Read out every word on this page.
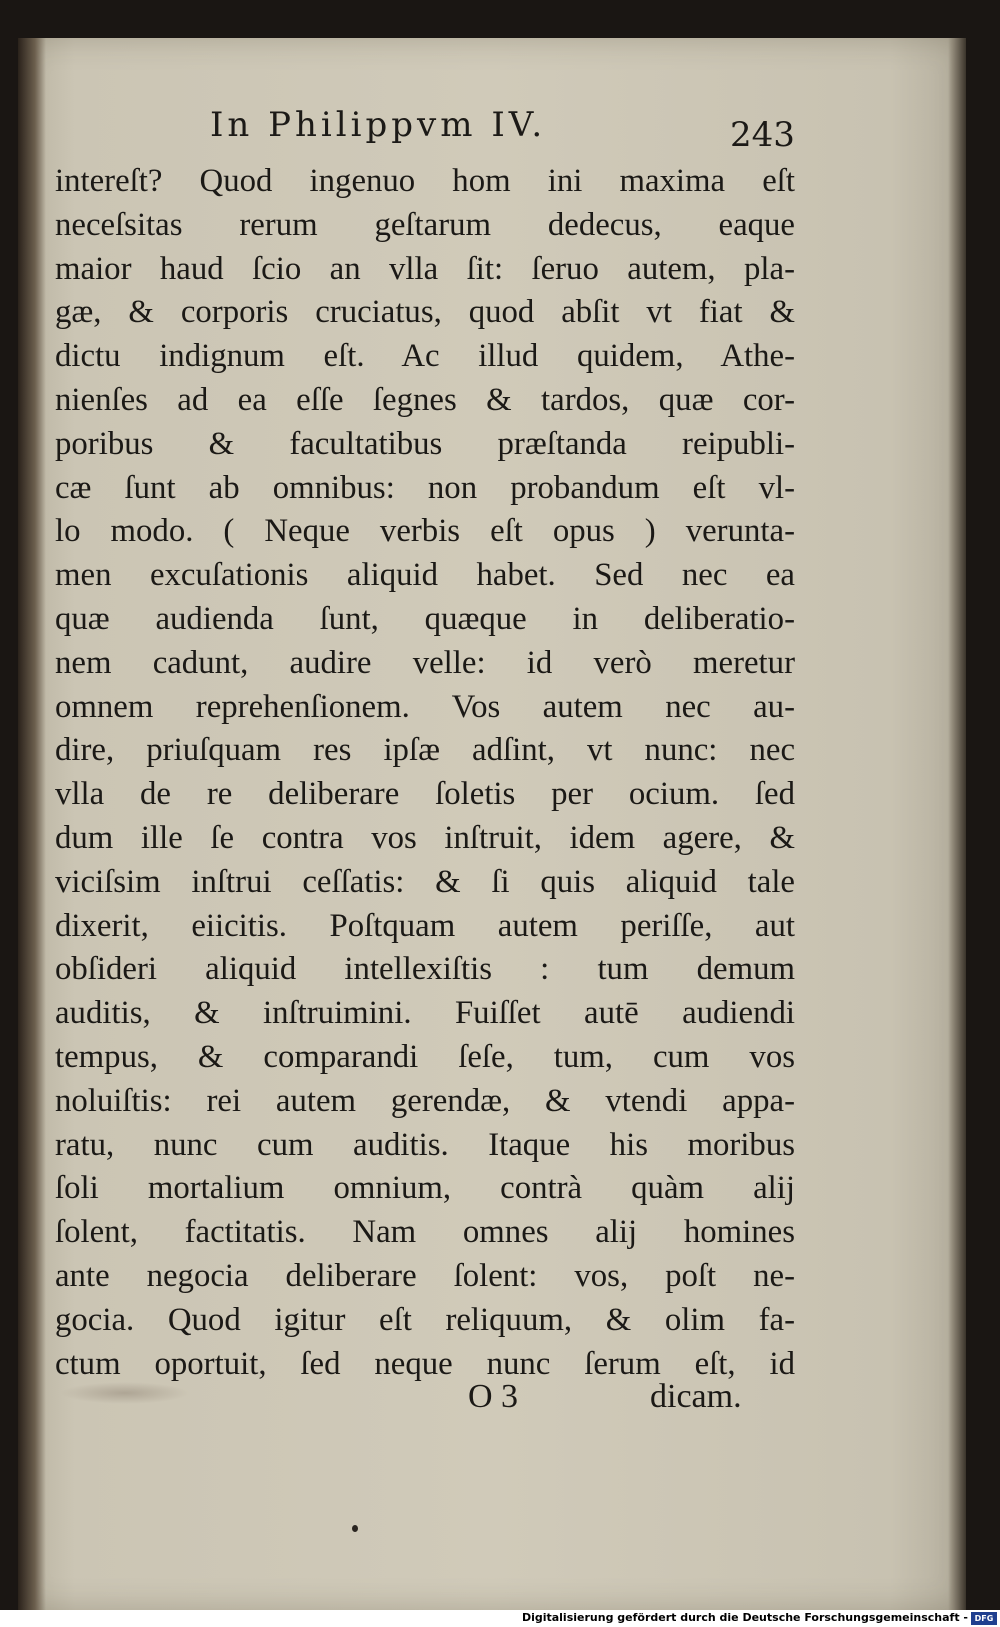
In Philippvm IV.	243
intereſt? Quod ingenuo hom ini maxima eſt
neceſsitas rerum geſtarum dedecus, eaque
maior haud ſcio an vlla ſit: ſeruo autem, pla-
gæ, & corporis cruciatus, quod abſit vt fiat &
dictu indignum eſt. Ac illud quidem, Athe-
nienſes ad ea eſſe ſegnes & tardos, quæ cor-
poribus & facultatibus præſtanda reipubli-
cæ ſunt ab omnibus: non probandum eſt vl-
lo modo. ( Neque verbis eſt opus ) verunta-
men excuſationis aliquid habet. Sed nec ea
quæ audienda ſunt, quæque in deliberatio-
nem cadunt, audire velle: id verò meretur
omnem reprehenſionem. Vos autem nec au-
dire, priuſquam res ipſæ adſint, vt nunc: nec
vlla de re deliberare ſoletis per ocium. ſed
dum ille ſe contra vos inſtruit, idem agere, &
viciſsim inſtrui ceſſatis: & ſi quis aliquid tale
dixerit, eiicitis. Poſtquam autem periſſe, aut
obſideri aliquid intellexiſtis : tum demum
auditis, & inſtruimini. Fuiſſet autē audiendi
tempus, & comparandi ſeſe, tum, cum vos
noluiſtis: rei autem gerendæ, & vtendi appa-
ratu, nunc cum auditis. Itaque his moribus
ſoli mortalium omnium, contrà quàm alij
ſolent, factitatis. Nam omnes alij homines
ante negocia deliberare ſolent: vos, poſt ne-
gocia. Quod igitur eſt reliquum, & olim fa-
ctum oportuit, ſed neque nunc ſerum eſt, id
O 3	dicam.
Digitalisierung gefördert durch die Deutsche Forschungsgemeinschaft - DFG
